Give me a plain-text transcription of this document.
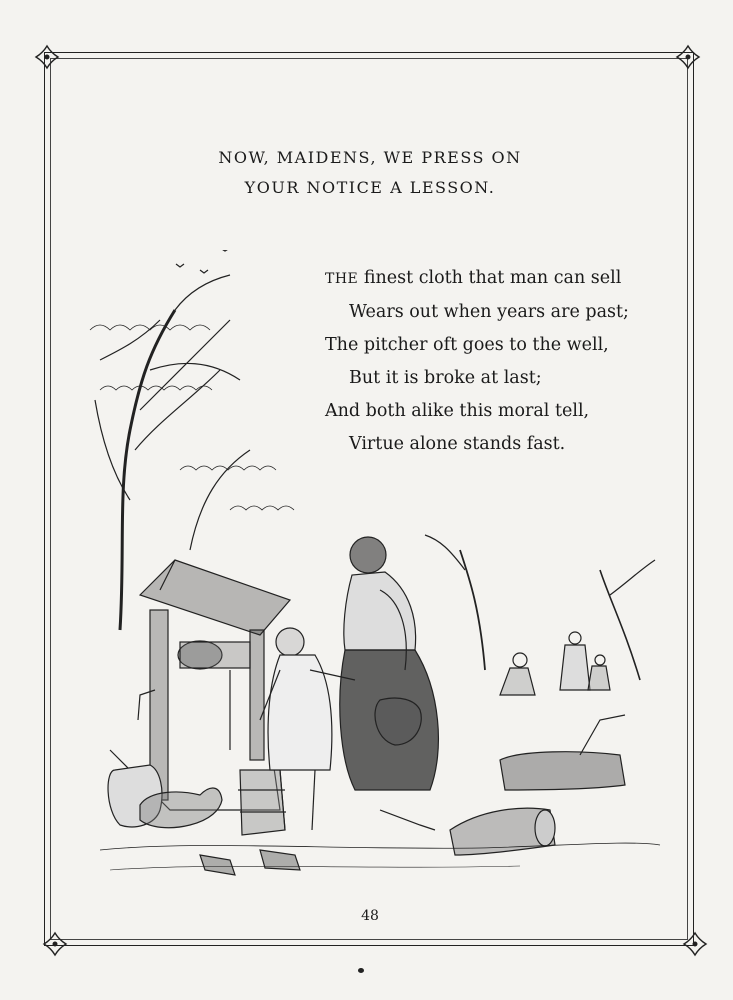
NOW, MAIDENS, WE PRESS ON
YOUR NOTICE A LESSON.
THE finest cloth that man can sell
Wears out when years are past;
The pitcher oft goes to the well,
But it is broke at last;
And both alike this moral tell,
Virtue alone stands fast.
48
